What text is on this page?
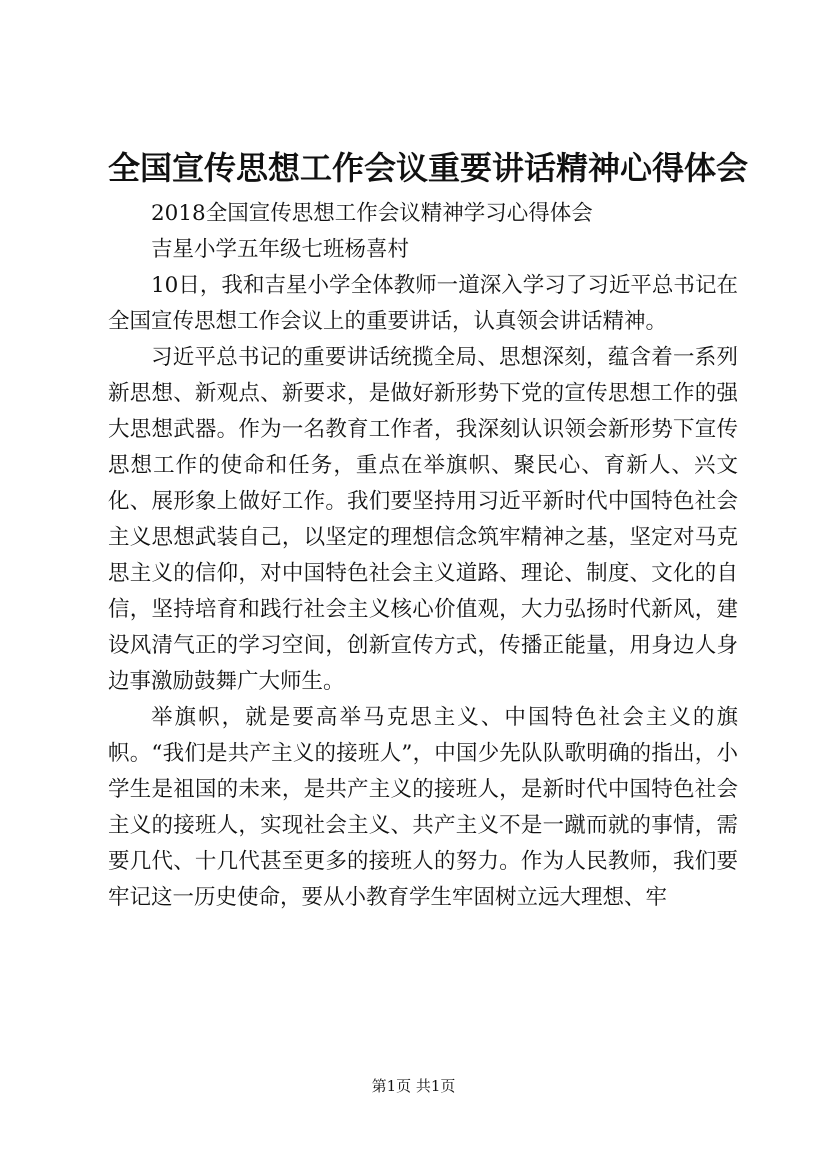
全国宣传思想工作会议重要讲话精神心得体会

2018全国宣传思想工作会议精神学习心得体会

吉星小学五年级七班杨喜村

10日，我和吉星小学全体教师一道深入学习了习近平总书记在全国宣传思想工作会议上的重要讲话，认真领会讲话精神。

习近平总书记的重要讲话统揽全局、思想深刻，蕴含着一系列新思想、新观点、新要求，是做好新形势下党的宣传思想工作的强大思想武器。作为一名教育工作者，我深刻认识领会新形势下宣传思想工作的使命和任务，重点在举旗帜、聚民心、育新人、兴文化、展形象上做好工作。我们要坚持用习近平新时代中国特色社会主义思想武装自己，以坚定的理想信念筑牢精神之基，坚定对马克思主义的信仰，对中国特色社会主义道路、理论、制度、文化的自信，坚持培育和践行社会主义核心价值观，大力弘扬时代新风，建设风清气正的学习空间，创新宣传方式，传播正能量，用身边人身边事激励鼓舞广大师生。

举旗帜，就是要高举马克思主义、中国特色社会主义的旗帜。“我们是共产主义的接班人”，中国少先队队歌明确的指出，小学生是祖国的未来，是共产主义的接班人，是新时代中国特色社会主义的接班人，实现社会主义、共产主义不是一蹴而就的事情，需要几代、十几代甚至更多的接班人的努力。作为人民教师，我们要牢记这一历史使命，要从小教育学生牢固树立远大理想、牢

第1页 共1页
